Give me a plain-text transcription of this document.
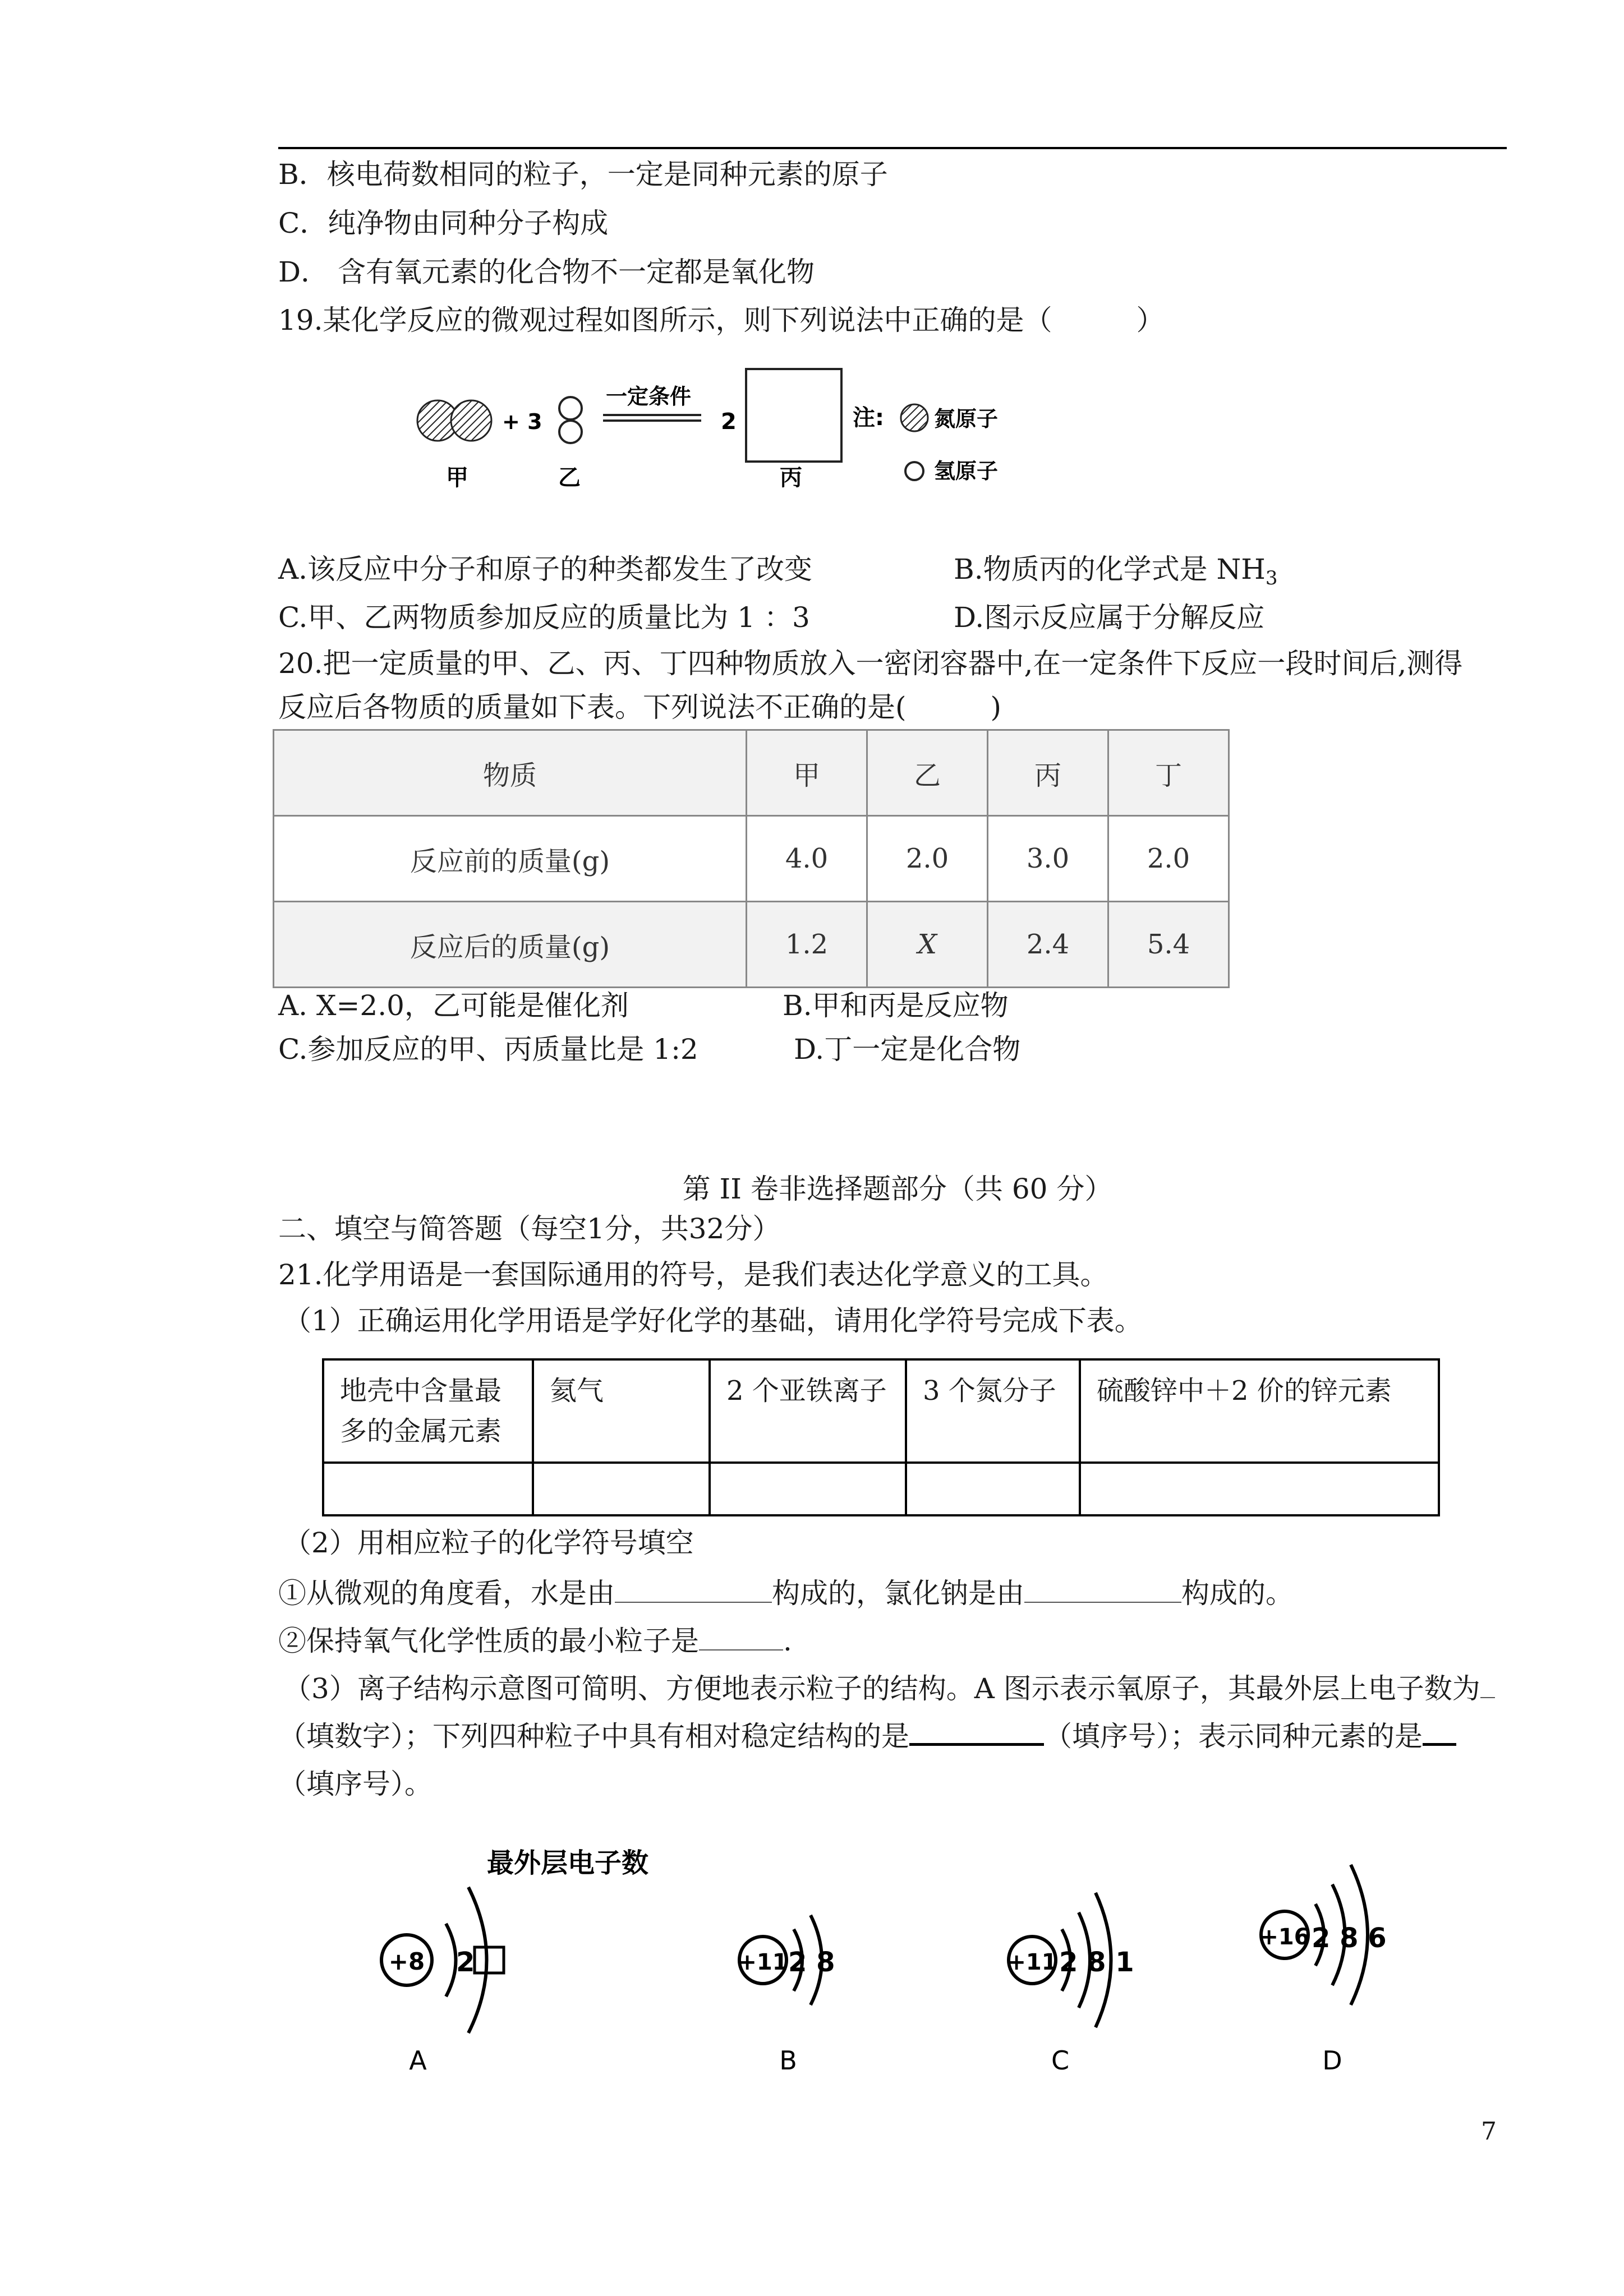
B．核电荷数相同的粒子，一定是同种元素的原子
C．纯净物由同种分子构成
D． 含有氧元素的化合物不一定都是氧化物
19.某化学反应的微观过程如图所示，则下列说法中正确的是（　　　）
+ 3
一定条件
2
甲	乙	丙
注: 氮原子
氢原子
A.该反应中分子和原子的种类都发生了改变	B.物质丙的化学式是 $NH_3$
C.甲、乙两物质参加反应的质量比为 1 ：3	D.图示反应属于分解反应
20.把一定质量的甲、乙、丙、丁四种物质放入一密闭容器中,在一定条件下反应一段时间后,测得
反应后各物质的质量如下表。下列说法不正确的是(　　　)
物质	甲	乙	丙	丁
反应前的质量(g)	4.0	2.0	3.0	2.0
反应后的质量(g)	1.2	X	2.4	5.4
A. X=2.0，乙可能是催化剂	B.甲和丙是反应物
C.参加反应的甲、丙质量比是 1:2	D.丁一定是化合物
第 II 卷非选择题部分（共 60 分）
二、填空与简答题（每空1分，共32分）
21.化学用语是一套国际通用的符号，是我们表达化学意义的工具。
（1）正确运用化学用语是学好化学的基础，请用化学符号完成下表。
地壳中含量最多的金属元素	氦气	2 个亚铁离子	3 个氮分子	硫酸锌中＋2 价的锌元素

（2）用相应粒子的化学符号填空
①从微观的角度看，水是由	构成的，氯化钠是由	构成的。
②保持氧气化学性质的最小粒子是	.
（3）离子结构示意图可简明、方便地表示粒子的结构。A 图示表示氧原子，其最外层上电子数为
（填数字）；下列四种粒子中具有相对稳定结构的是	（填序号）；表示同种元素的是
（填序号）。
最外层电子数
+8 2	+11 2 8	+11 2 8 1
+16 2 8 6
A	B	C	D
7
